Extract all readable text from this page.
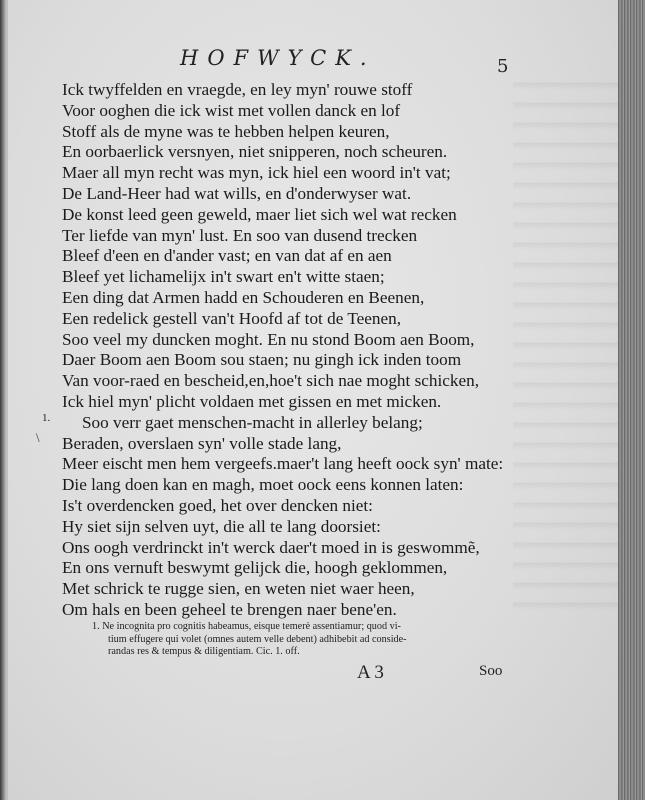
HOFWYCK.	5
Ick twyffelden en vraegde, en ley myn' rouwe stoff
Voor ooghen die ick wist met vollen danck en lof
Stoff als de myne was te hebben helpen keuren,
En oorbaerlick versnyen, niet snipperen, noch scheuren.
Maer all myn recht was myn, ick hiel een woord in't vat;
De Land-Heer had wat wills, en d'onderwyser wat.
De konst leed geen geweld, maer liet sich wel wat recken
Ter liefde van myn' lust. En soo van dusend trecken
Bleef d'een en d'ander vast; en van dat af en aen
Bleef yet lichamelijx in't swart en't witte staen;
Een ding dat Armen hadd en Schouderen en Beenen,
Een redelick gestell van't Hoofd af tot de Teenen,
Soo veel my duncken moght. En nu stond Boom aen Boom,
Daer Boom aen Boom sou staen; nu gingh ick inden toom
Van voor-raed en bescheid,en,hoe't sich nae moght schicken,
Ick hiel myn' plicht voldaen met gissen en met micken.
Soo verr gaet menschen-macht in allerley belang;
Beraden, overslaen syn' volle stade lang,
Meer eischt men hem vergeefs.maer't lang heeft oock syn' mate:
Die lang doen kan en magh, moet oock eens konnen laten:
Is't overdencken goed, het over dencken niet:
Hy siet sijn selven uyt, die all te lang doorsiet:
Ons oogh verdrinckt in't werck daer't moed in is geswommẽ,
En ons vernuft beswymt gelijck die, hoogh geklommen,
Met schrick te rugge sien, en weten niet waer heen,
Om hals en been geheel te brengen naer bene'en.
1.
\
1. Ne incognita pro cognitis habeamus, eisque temerè assentiamur; quod vi-
tium effugere qui volet (omnes autem velle debent) adhibebit ad conside-
randas res & tempus & diligentiam. Cic. 1. off.
A 3	Soo
